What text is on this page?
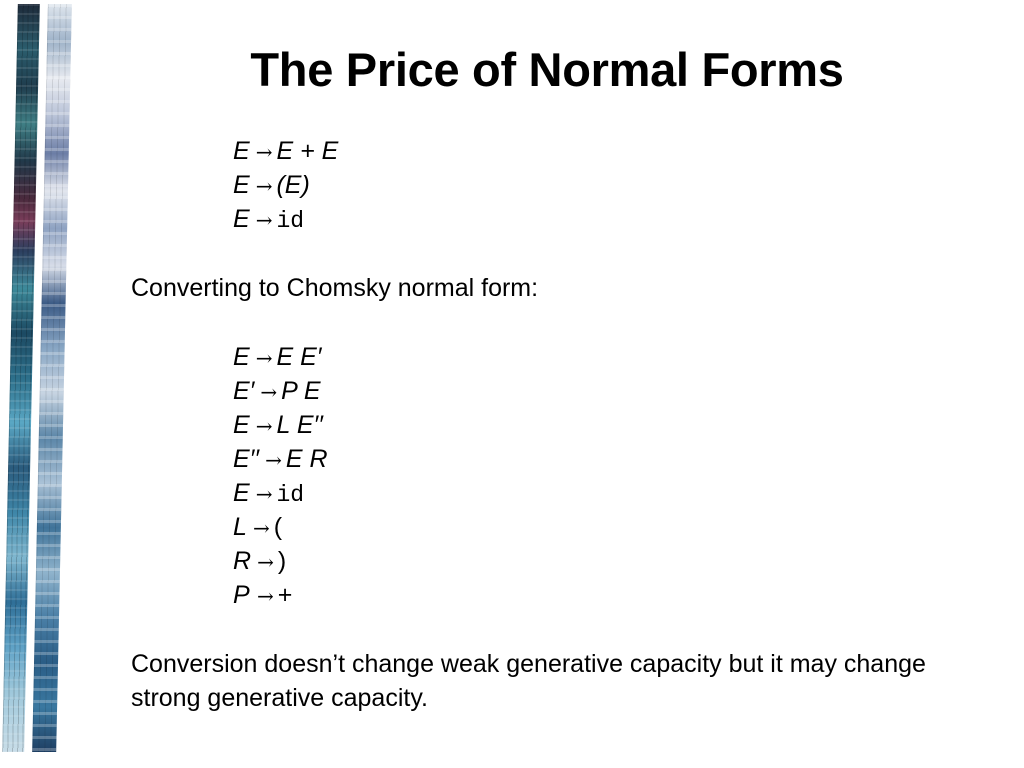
The Price of Normal Forms
E → E + E
E → (E)
E → id
Converting to Chomsky normal form:
E → E E′
E′ → P E
E → L E′′
E′′ → E R
E → id
L → (
R → )
P → +
Conversion doesn’t change weak generative capacity but it may change strong generative capacity.
